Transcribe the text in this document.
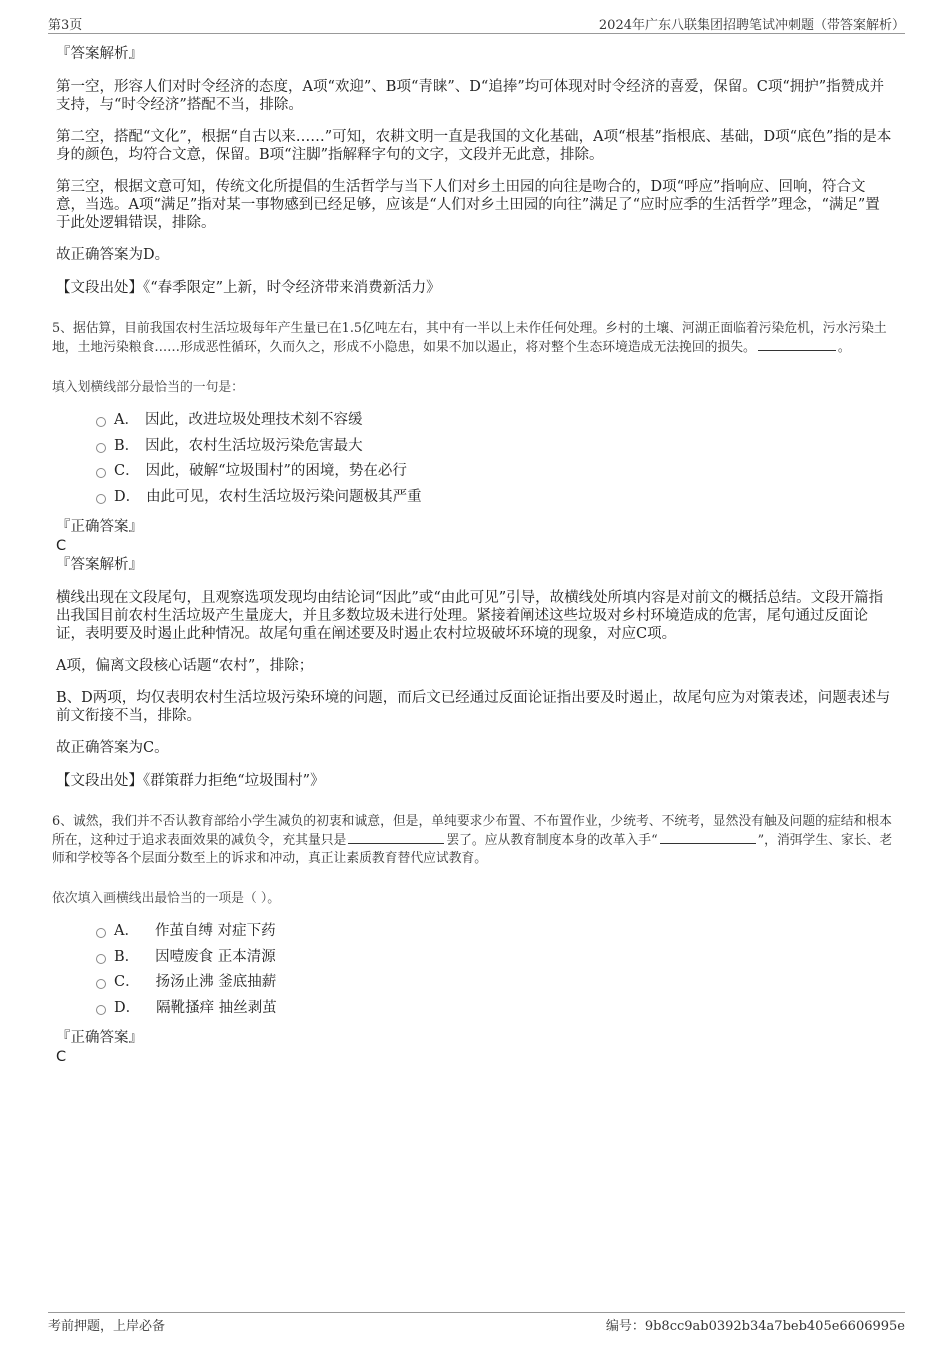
第3页	2024年广东八联集团招聘笔试冲刺题（带答案解析）
『答案解析』
第一空，形容人们对时令经济的态度，A项“欢迎”、B项“青睐”、D“追捧”均可体现对时令经济的喜爱，保留。C项“拥护”指赞成并支持，与“时令经济”搭配不当，排除。
第二空，搭配“文化”，根据“自古以来……”可知，农耕文明一直是我国的文化基础，A项“根基”指根底、基础，D项“底色”指的是本身的颜色，均符合文意，保留。B项“注脚”指解释字句的文字，文段并无此意，排除。
第三空，根据文意可知，传统文化所提倡的生活哲学与当下人们对乡土田园的向往是吻合的，D项“呼应”指响应、回响，符合文意，当选。A项“满足”指对某一事物感到已经足够，应该是“人们对乡土田园的向往”满足了“应时应季的生活哲学”理念，“满足”置于此处逻辑错误，排除。
故正确答案为D。
【文段出处】《“春季限定”上新，时令经济带来消费新活力》
5、据估算，目前我国农村生活垃圾每年产生量已在1.5亿吨左右，其中有一半以上未作任何处理。乡村的土壤、河湖正面临着污染危机，污水污染土地，土地污染粮食……形成恶性循环，久而久之，形成不小隐患，如果不加以遏止，将对整个生态环境造成无法挽回的损失。	。
填入划横线部分最恰当的一句是：
A． 因此，改进垃圾处理技术刻不容缓
B． 因此，农村生活垃圾污染危害最大
C． 因此，破解“垃圾围村”的困境，势在必行
D． 由此可见，农村生活垃圾污染问题极其严重
『正确答案』
C
『答案解析』
横线出现在文段尾句，且观察选项发现均由结论词“因此”或“由此可见”引导，故横线处所填内容是对前文的概括总结。文段开篇指出我国目前农村生活垃圾产生量庞大，并且多数垃圾未进行处理。紧接着阐述这些垃圾对乡村环境造成的危害，尾句通过反面论证，表明要及时遏止此种情况。故尾句重在阐述要及时遏止农村垃圾破坏环境的现象，对应C项。
A项，偏离文段核心话题“农村”，排除；
B、D两项，均仅表明农村生活垃圾污染环境的问题，而后文已经通过反面论证指出要及时遏止，故尾句应为对策表述，问题表述与前文衔接不当，排除。
故正确答案为C。
【文段出处】《群策群力拒绝“垃圾围村”》
6、诚然，我们并不否认教育部给小学生减负的初衷和诚意，但是，单纯要求少布置、不布置作业，少统考、不统考，显然没有触及问题的症结和根本所在，这种过于追求表面效果的减负令，充其量只是	罢了。应从教育制度本身的改革入手“	”，消弭学生、家长、老师和学校等各个层面分数至上的诉求和冲动，真正让素质教育替代应试教育。
依次填入画横线出最恰当的一项是（ ）。
A． 作茧自缚 对症下药
B． 因噎废食 正本清源
C． 扬汤止沸 釜底抽薪
D． 隔靴搔痒 抽丝剥茧
『正确答案』
C
考前押题，上岸必备	编号：9b8cc9ab0392b34a7beb405e6606995e
